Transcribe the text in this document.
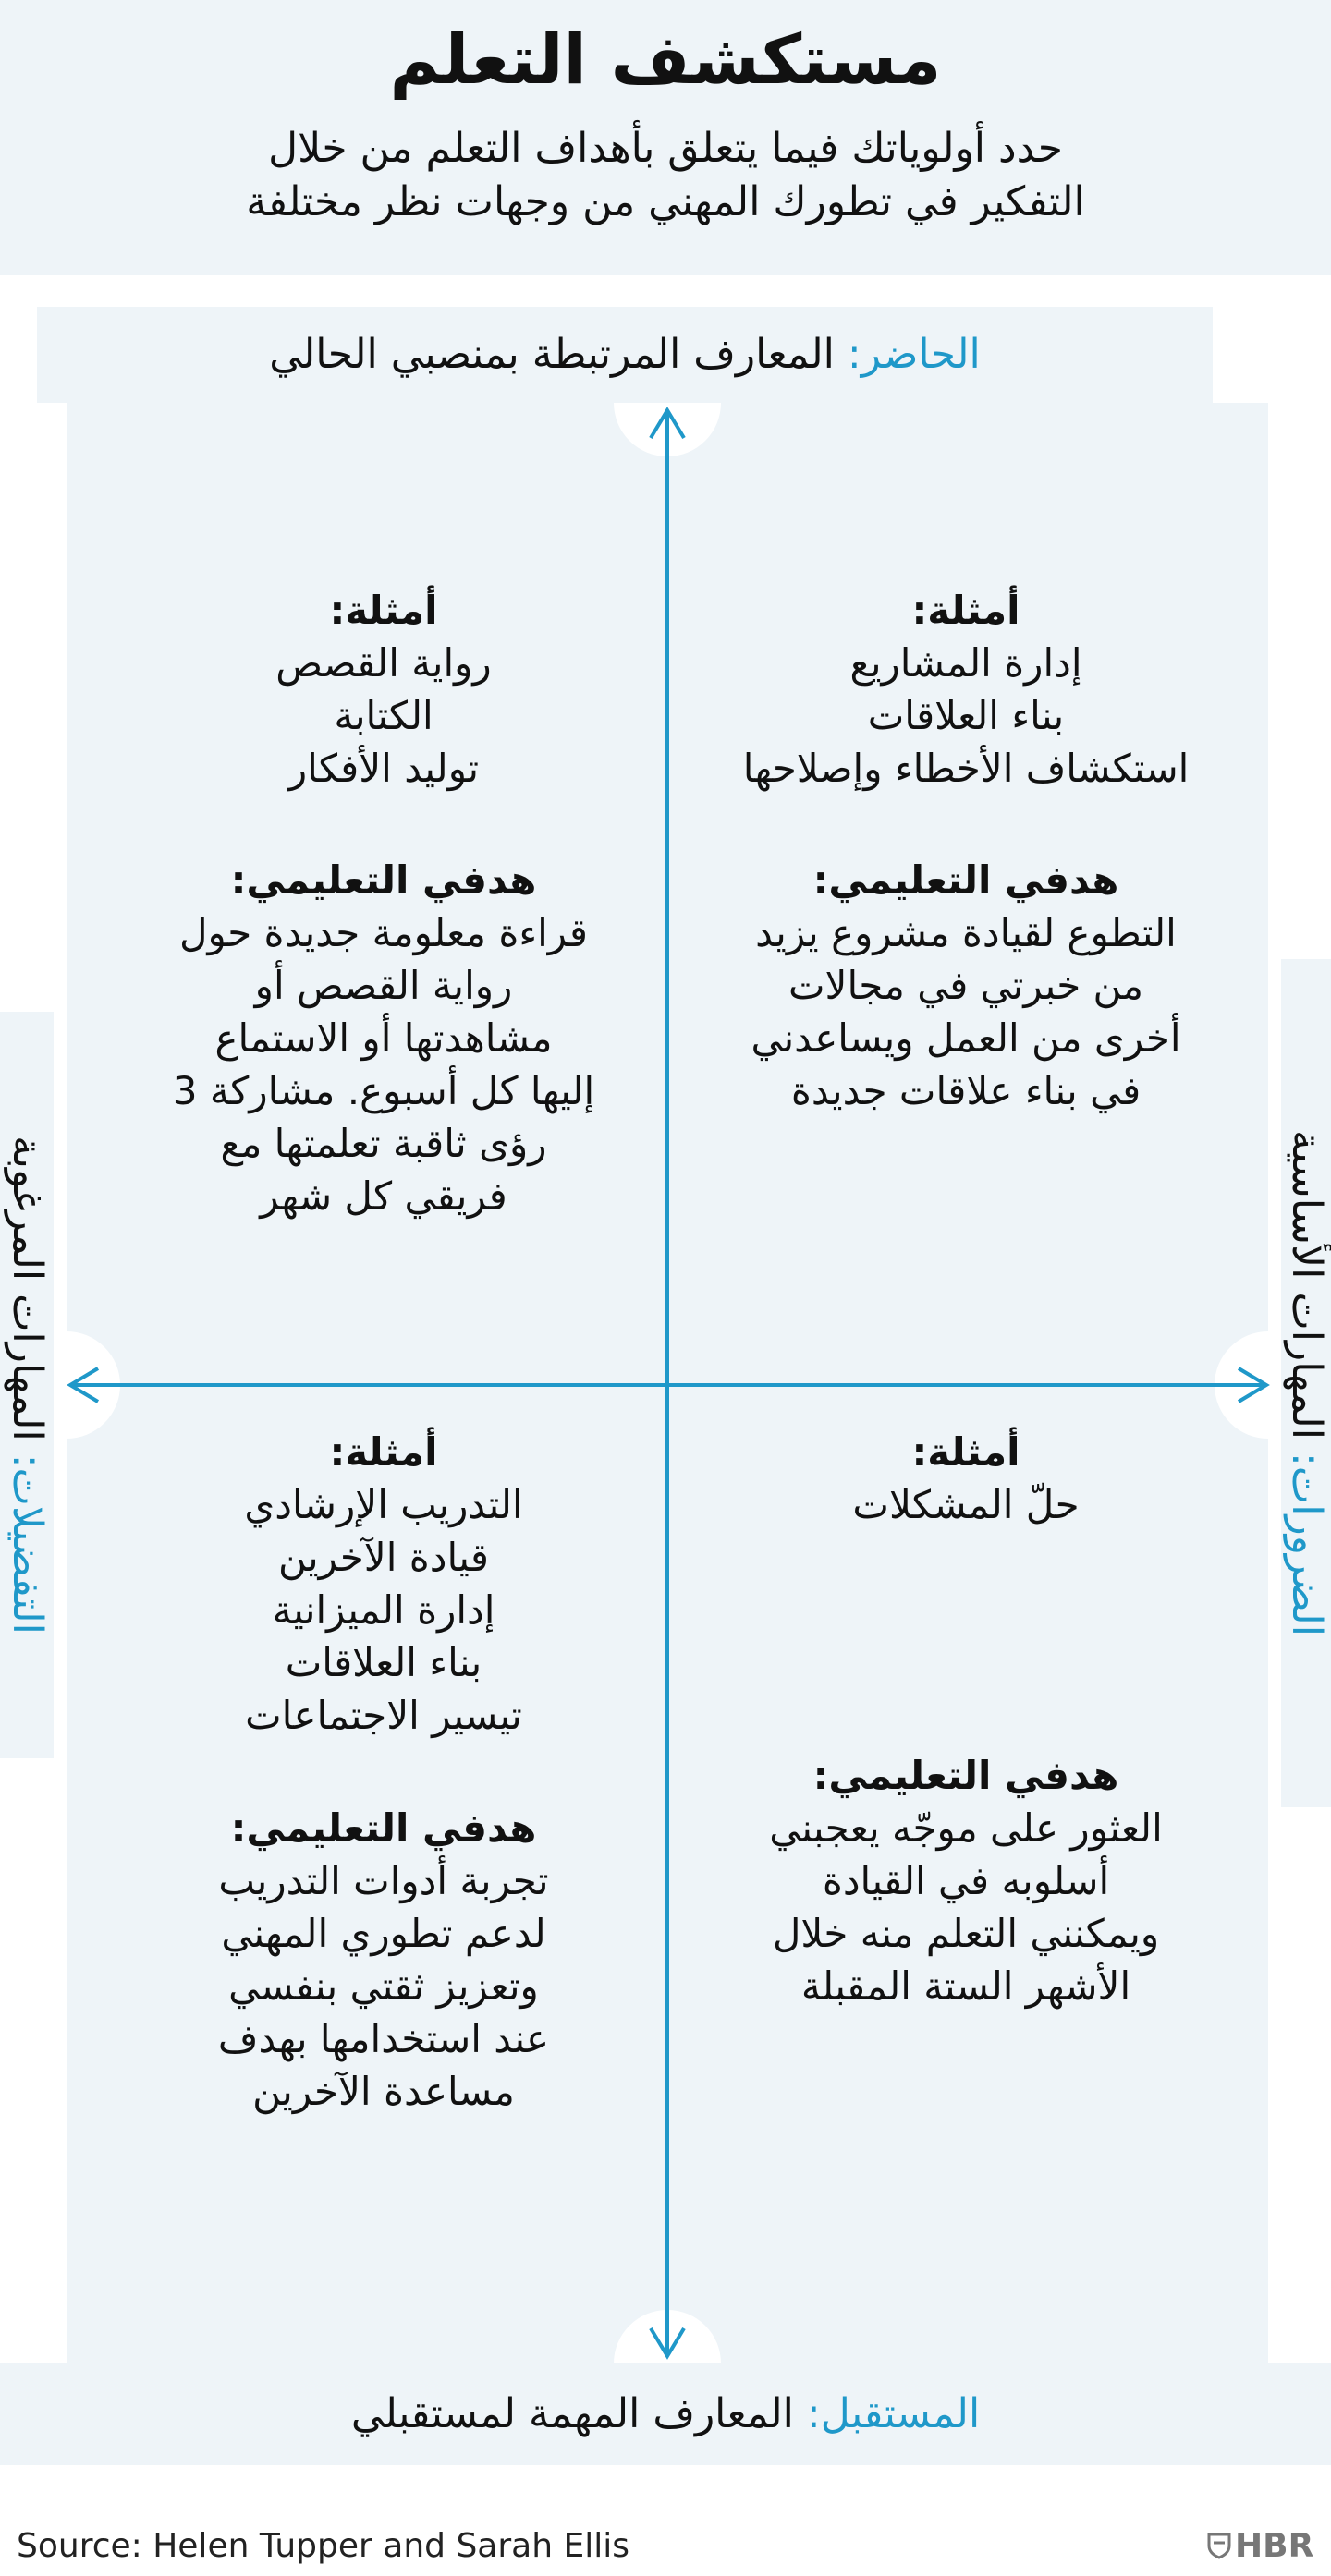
مستكشف التعلم
حدد أولوياتك فيما يتعلق بأهداف التعلم من خلال
التفكير في تطورك المهني من وجهات نظر مختلفة
الحاضر: المعارف المرتبطة بمنصبي الحالي
المستقبل: المعارف المهمة لمستقبلي
التفضيلات: المهارات المرغوبة
الضرورات: المهارات الأساسية
أمثلة:
إدارة المشاريع
بناء العلاقات
استكشاف الأخطاء وإصلاحها
هدفي التعليمي:
التطوع لقيادة مشروع يزيد
من خبرتي في مجالات
أخرى من العمل ويساعدني
في بناء علاقات جديدة
أمثلة:
رواية القصص
الكتابة
توليد الأفكار
هدفي التعليمي:
قراءة معلومة جديدة حول
رواية القصص أو
مشاهدتها أو الاستماع
إليها كل أسبوع. مشاركة 3
رؤى ثاقبة تعلمتها مع
فريقي كل شهر
أمثلة:
حلّ المشكلات
هدفي التعليمي:
العثور على موجّه يعجبني
أسلوبه في القيادة
ويمكنني التعلم منه خلال
الأشهر الستة المقبلة
أمثلة:
التدريب الإرشادي
قيادة الآخرين
إدارة الميزانية
بناء العلاقات
تيسير الاجتماعات
هدفي التعليمي:
تجربة أدوات التدريب
لدعم تطوري المهني
وتعزيز ثقتي بنفسي
عند استخدامها بهدف
مساعدة الآخرين
Source: Helen Tupper and Sarah Ellis	HBR
